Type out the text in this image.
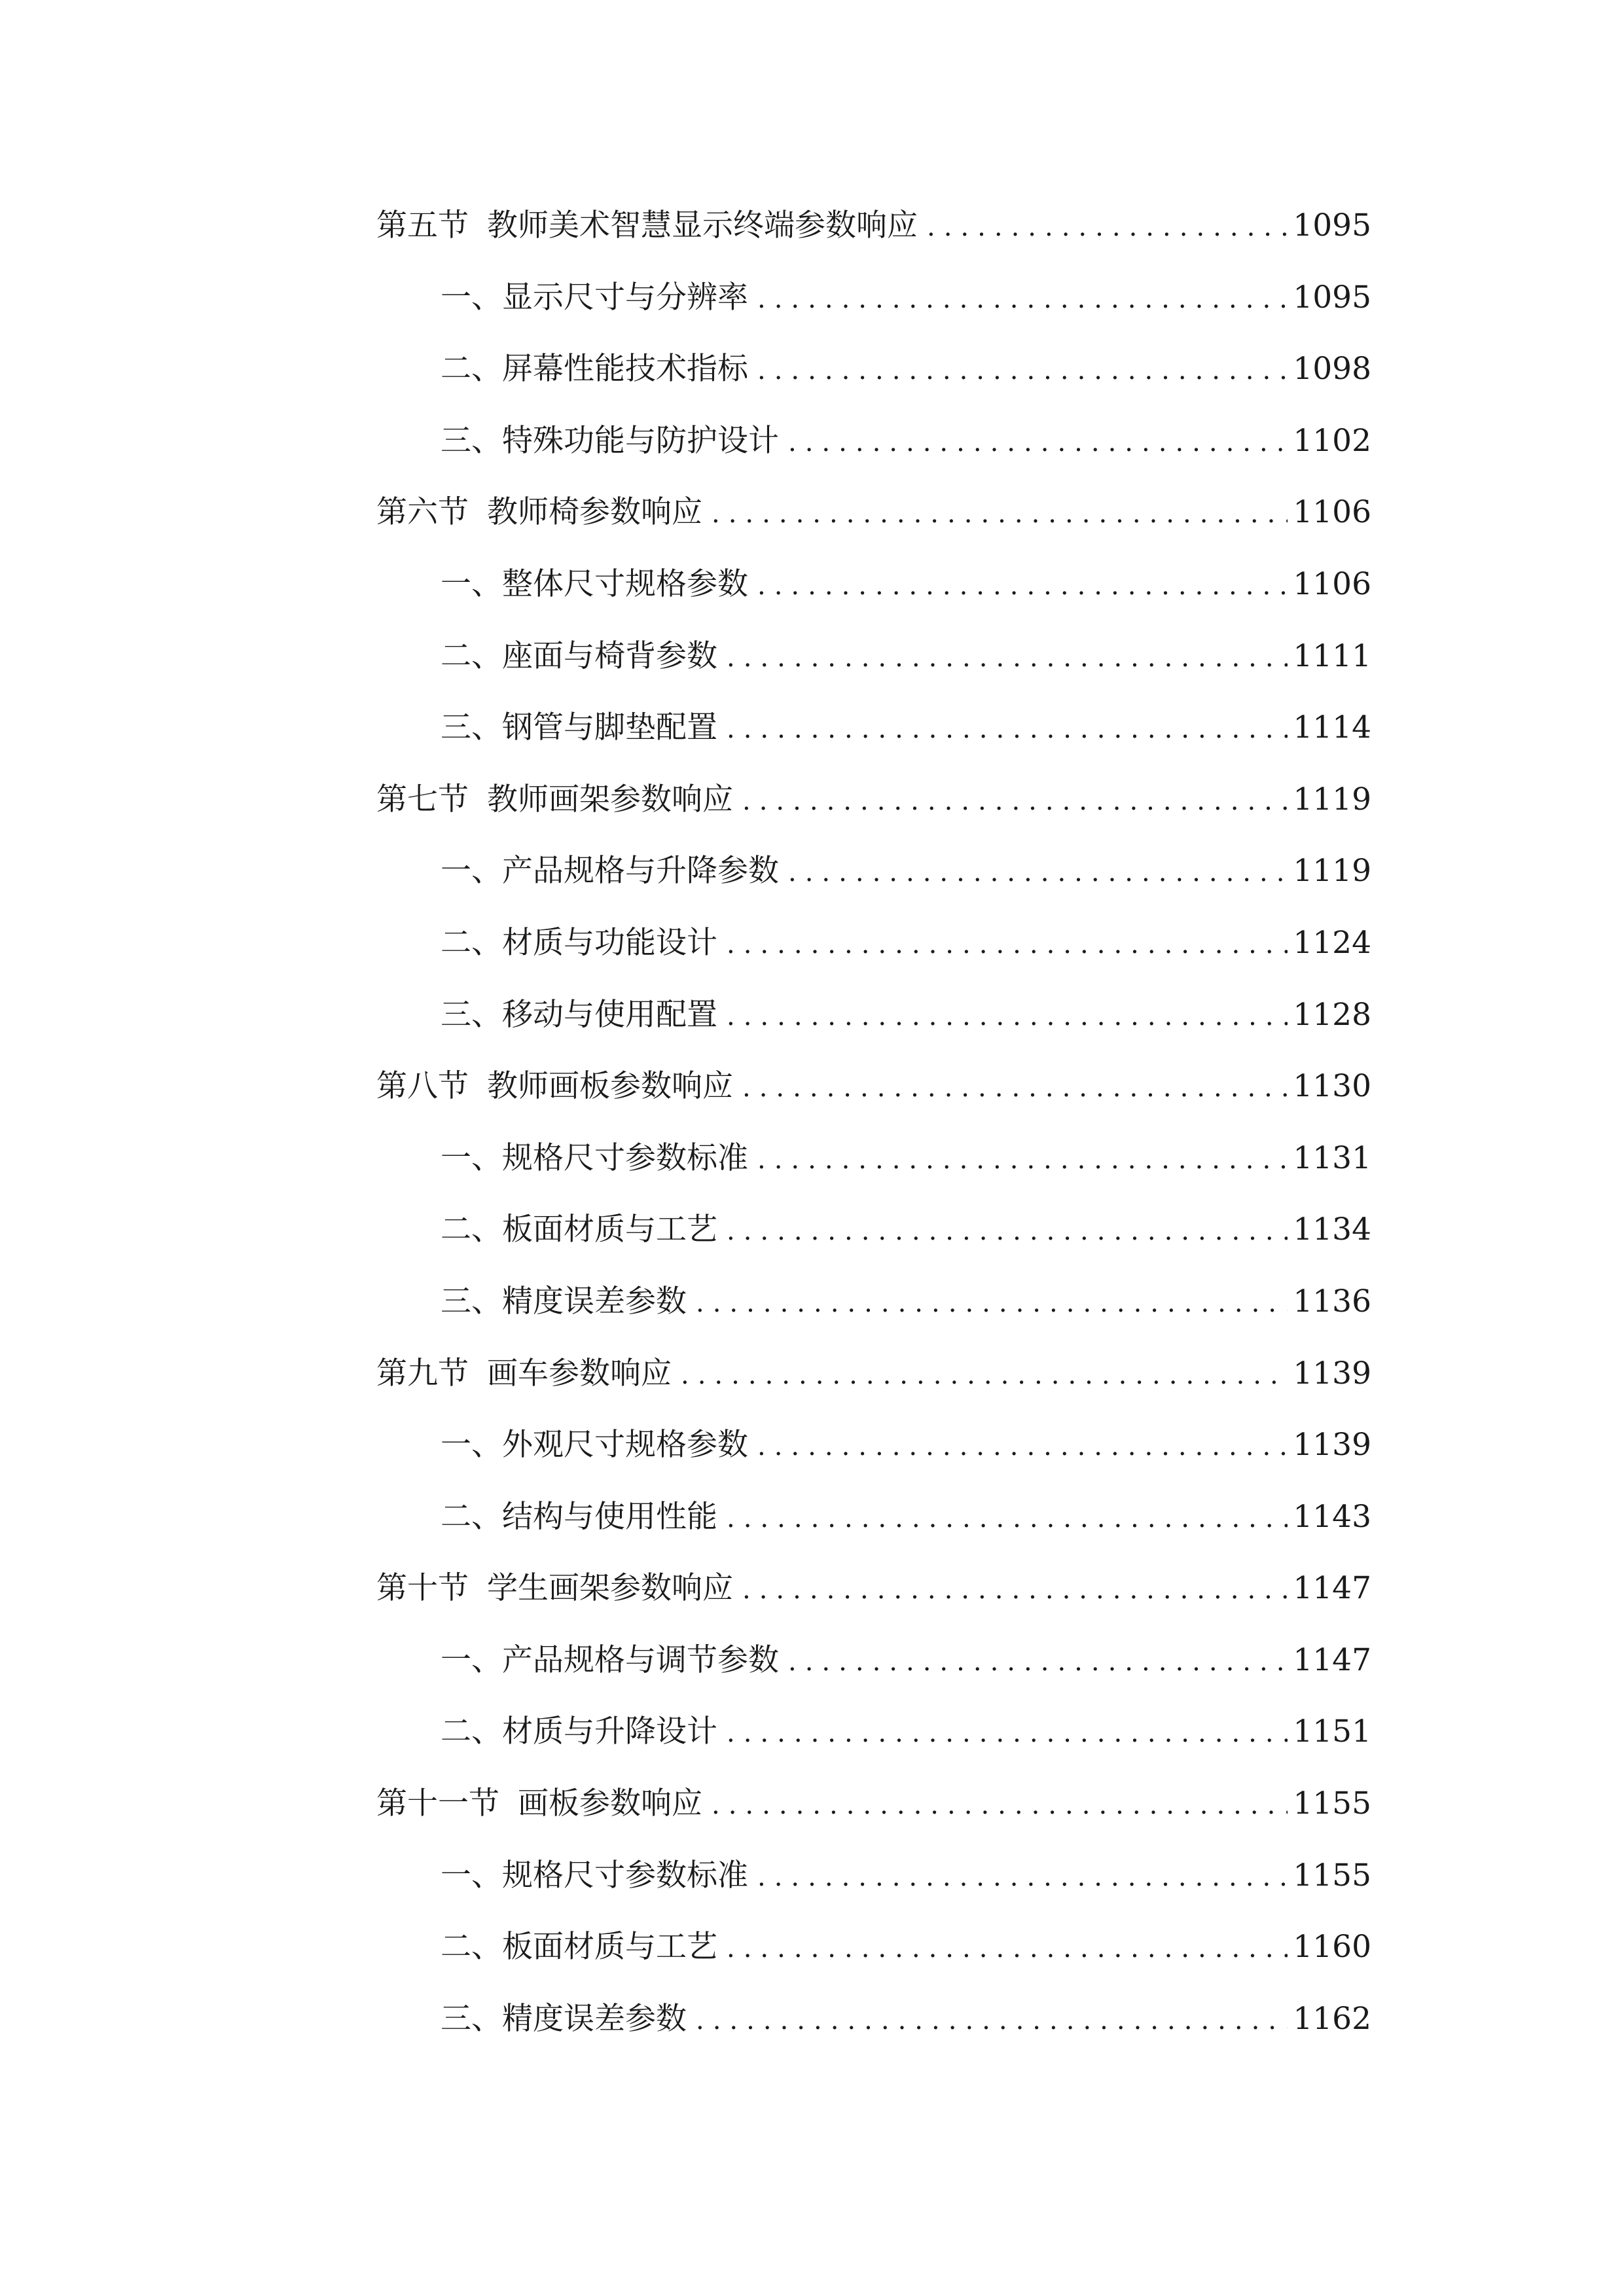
第五节 教师美术智慧显示终端参数响应 .....	1095
一、 显示尺寸与分辨率 .....	1095
二、 屏幕性能技术指标 .....	1098
三、 特殊功能与防护设计 .....	1102
第六节 教师椅参数响应 .....	1106
一、 整体尺寸规格参数 .....	1106
二、 座面与椅背参数 .....	1111
三、 钢管与脚垫配置 .....	1114
第七节 教师画架参数响应 .....	1119
一、 产品规格与升降参数 .....	1119
二、 材质与功能设计 .....	1124
三、 移动与使用配置 .....	1128
第八节 教师画板参数响应 .....	1130
一、 规格尺寸参数标准 .....	1131
二、 板面材质与工艺 .....	1134
三、 精度误差参数 .....	1136
第九节 画车参数响应 .....	1139
一、 外观尺寸规格参数 .....	1139
二、 结构与使用性能 .....	1143
第十节 学生画架参数响应 .....	1147
一、 产品规格与调节参数 .....	1147
二、 材质与升降设计 .....	1151
第十一节 画板参数响应 .....	1155
一、 规格尺寸参数标准 .....	1155
二、 板面材质与工艺 .....	1160
三、 精度误差参数 .....	1162
